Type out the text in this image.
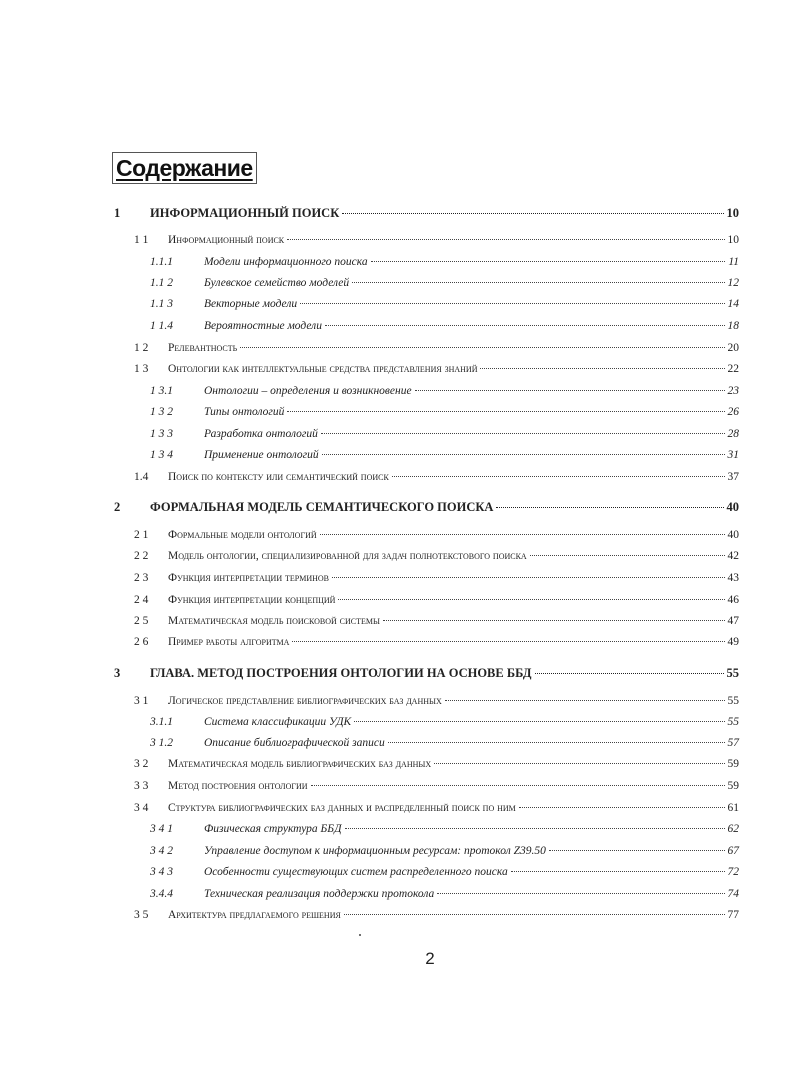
Содержание
1	ИНФОРМАЦИОННЫЙ ПОИСК	10
1 1	Информационный поиск	10
1.1.1	Модели информационного поиска	11
1.1 2	Булевское семейство моделей	12
1.1 3	Векторные модели	14
1 1.4	Вероятностные модели	18
1 2	Релевантность	20
1 3	Онтологии как интеллектуальные средства представления знаний	22
1 3.1	Онтологии – определения и возникновение	23
1 3 2	Типы онтологий	26
1 3 3	Разработка онтологий	28
1 3 4	Применение онтологий	31
1.4	Поиск по контексту или семантический поиск	37
2	ФОРМАЛЬНАЯ МОДЕЛЬ СЕМАНТИЧЕСКОГО ПОИСКА	40
2 1	Формальные модели онтологий	40
2 2	Модель онтологии, специализированной для задач полнотекстового поиска	42
2 3	Функция интерпретации терминов	43
2 4	Функция интерпретации концепций	46
2 5	Математическая модель поисковой системы	47
2 6	Пример работы алгоритма	49
3	ГЛАВА. МЕТОД ПОСТРОЕНИЯ ОНТОЛОГИИ НА ОСНОВЕ ББД	55
3 1	Логическое представление библиографических баз данных	55
3.1.1	Система классификации УДК	55
3 1.2	Описание библиографической записи	57
3 2	Математическая модель библиографических баз данных	59
3 3	Метод построения онтологии	59
3 4	Структура библиографических баз данных и распределенный поиск по ним	61
3 4 1	Физическая структура ББД	62
3 4 2	Управление доступом к информационным ресурсам: протокол Z39.50	67
3 4 3	Особенности существующих систем распределенного поиска	72
3.4.4	Техническая реализация поддержки протокола	74
3 5	Архитектура предлагаемого решения	77
2
